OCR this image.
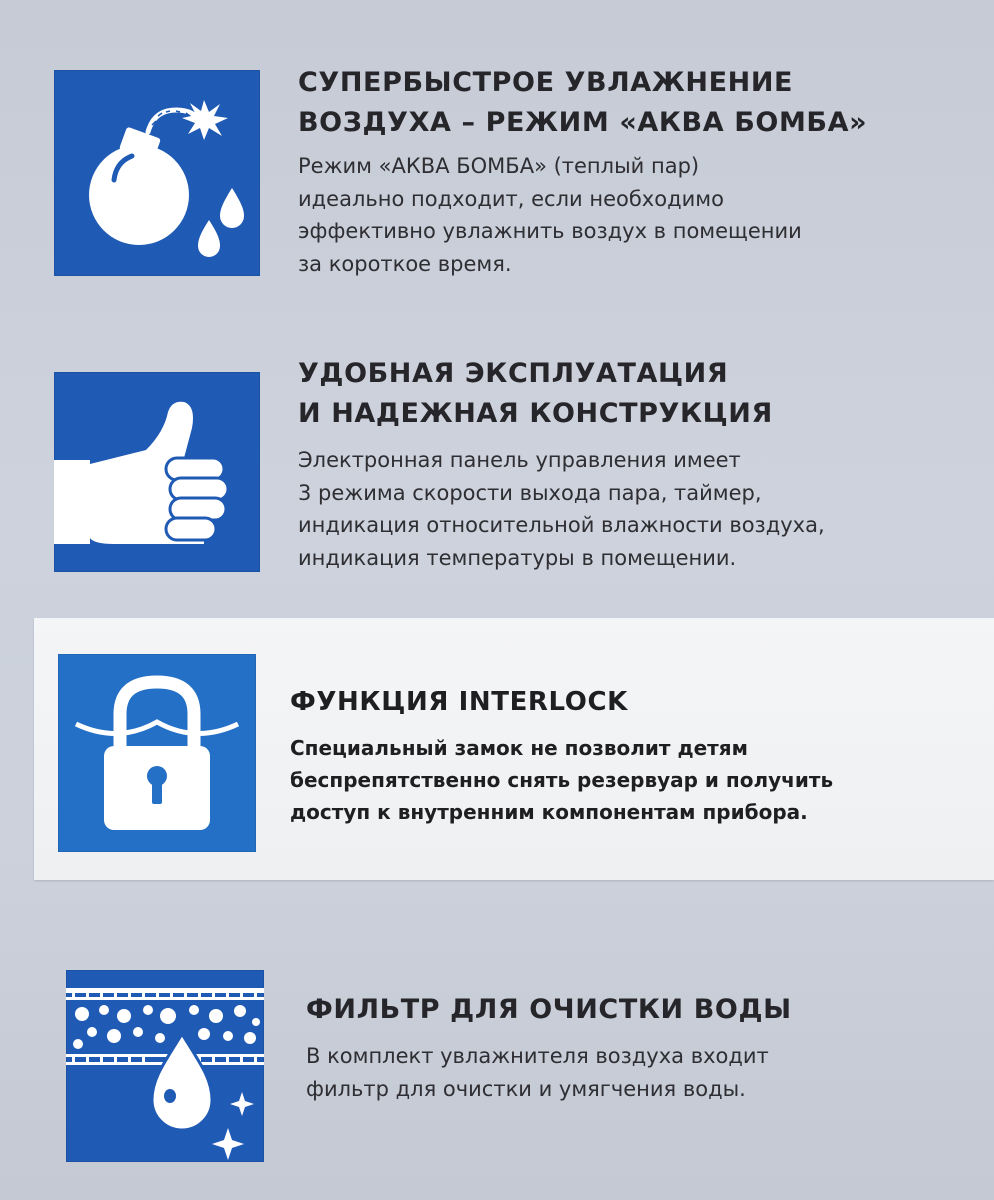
СУПЕРБЫСТРОЕ УВЛАЖНЕНИЕ
ВОЗДУХА – РЕЖИМ «АКВА БОМБА»
Режим «АКВА БОМБА» (теплый пар)
идеально подходит, если необходимо
эффективно увлажнить воздух в помещении
за короткое время.
УДОБНАЯ ЭКСПЛУАТАЦИЯ
И НАДЕЖНАЯ КОНСТРУКЦИЯ
Электронная панель управления имеет
3 режима скорости выхода пара, таймер,
индикация относительной влажности воздуха,
индикация температуры в помещении.
ФУНКЦИЯ INTERLOCK
Специальный замок не позволит детям
беспрепятственно снять резервуар и получить
доступ к внутренним компонентам прибора.
ФИЛЬТР ДЛЯ ОЧИСТКИ ВОДЫ
В комплект увлажнителя воздуха входит
фильтр для очистки и умягчения воды.
